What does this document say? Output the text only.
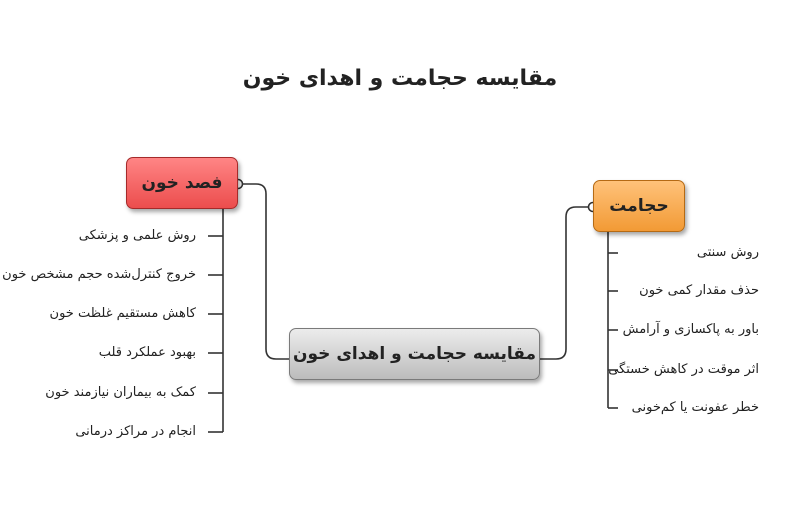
مقایسه حجامت و اهدای خون
مقایسه حجامت و اهدای خون
حجامت
فصد خون
روش سنتی
حذف مقدار کمی خون
باور به پاکسازی و آرامش
اثر موقت در کاهش خستگی
خطر عفونت یا کم‌خونی
روش علمی و پزشکی
خروج کنترل‌شده حجم مشخص خون
کاهش مستقیم غلظت خون
بهبود عملکرد قلب
کمک به بیماران نیازمند خون
انجام در مراکز درمانی
